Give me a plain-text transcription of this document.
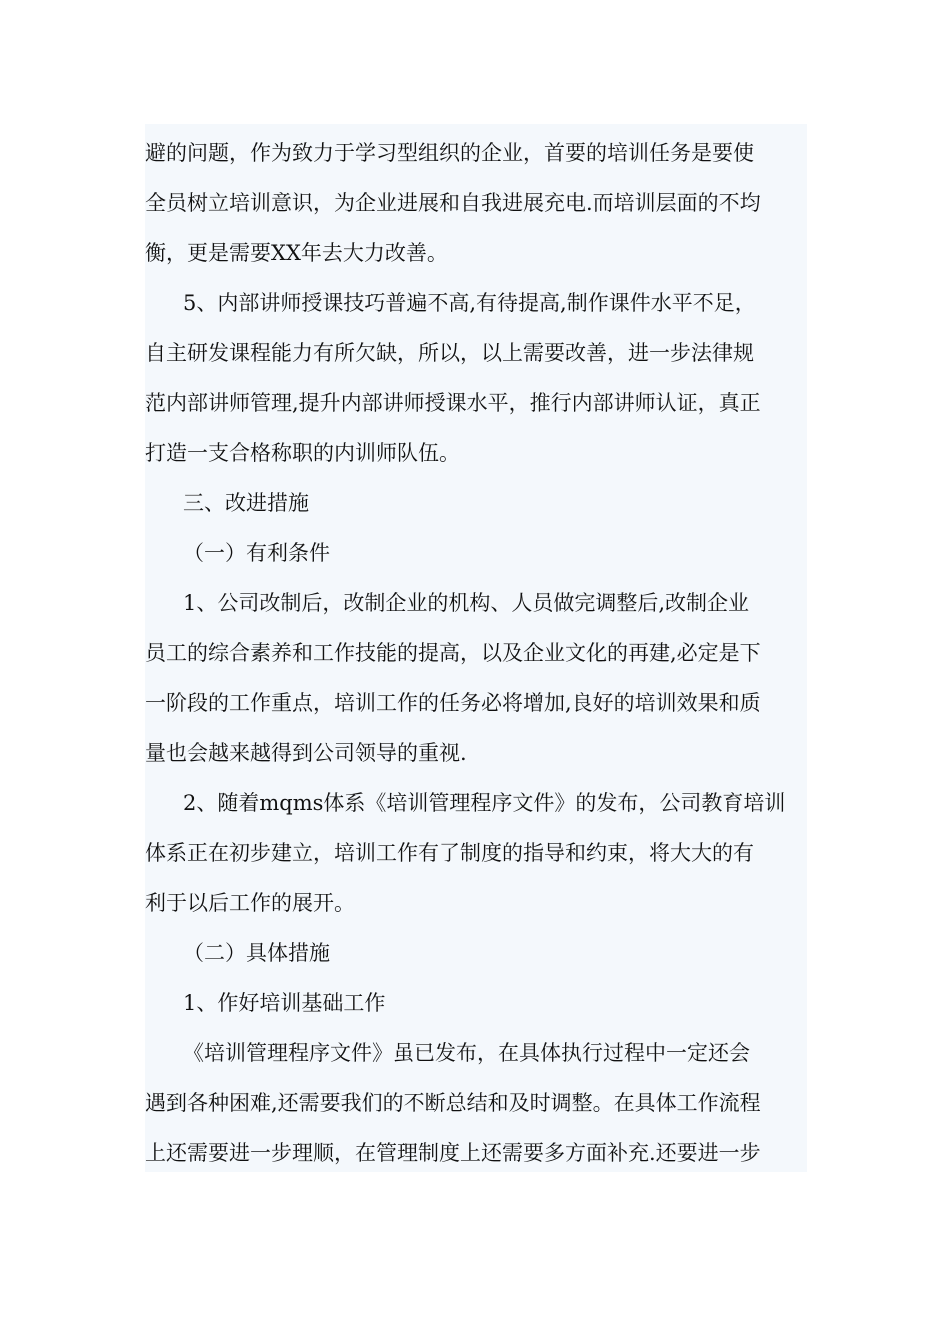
避的问题，作为致力于学习型组织的企业，首要的培训任务是要使
全员树立培训意识，为企业进展和自我进展充电.而培训层面的不均
衡，更是需要XX年去大力改善。
5、内部讲师授课技巧普遍不高,有待提高,制作课件水平不足，
自主研发课程能力有所欠缺，所以，以上需要改善，进一步法律规
范内部讲师管理,提升内部讲师授课水平，推行内部讲师认证，真正
打造一支合格称职的内训师队伍。
三、改进措施
（一）有利条件
1、公司改制后，改制企业的机构、人员做完调整后,改制企业
员工的综合素养和工作技能的提高，以及企业文化的再建,必定是下
一阶段的工作重点，培训工作的任务必将增加,良好的培训效果和质
量也会越来越得到公司领导的重视.
2、随着mqms体系《培训管理程序文件》的发布，公司教育培训
体系正在初步建立，培训工作有了制度的指导和约束，将大大的有
利于以后工作的展开。
（二）具体措施
1、作好培训基础工作
《培训管理程序文件》虽已发布，在具体执行过程中一定还会
遇到各种困难,还需要我们的不断总结和及时调整。在具体工作流程
上还需要进一步理顺，在管理制度上还需要多方面补充.还要进一步
